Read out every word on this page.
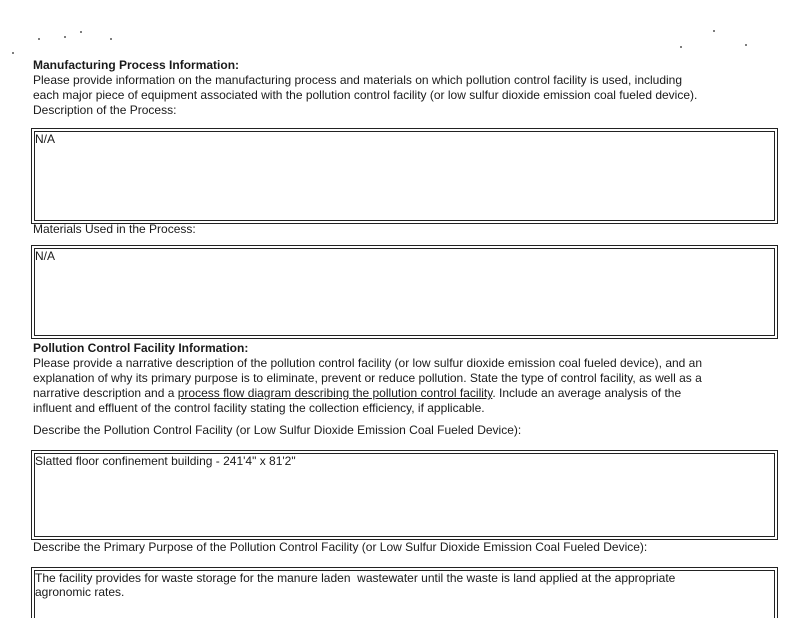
Manufacturing Process Information:
Please provide information on the manufacturing process and materials on which pollution control facility is used, including
each major piece of equipment associated with the pollution control facility (or low sulfur dioxide emission coal fueled device).
Description of the Process:
N/A
Materials Used in the Process:
N/A
Pollution Control Facility Information:
Please provide a narrative description of the pollution control facility (or low sulfur dioxide emission coal fueled device), and an
explanation of why its primary purpose is to eliminate, prevent or reduce pollution. State the type of control facility, as well as a
narrative description and a process flow diagram describing the pollution control facility. Include an average analysis of the
influent and effluent of the control facility stating the collection efficiency, if applicable.
Describe the Pollution Control Facility (or Low Sulfur Dioxide Emission Coal Fueled Device):
Slatted floor confinement building - 241'4" x 81'2"
Describe the Primary Purpose of the Pollution Control Facility (or Low Sulfur Dioxide Emission Coal Fueled Device):
The facility provides for waste storage for the manure laden  wastewater until the waste is land applied at the appropriate
agronomic rates.
